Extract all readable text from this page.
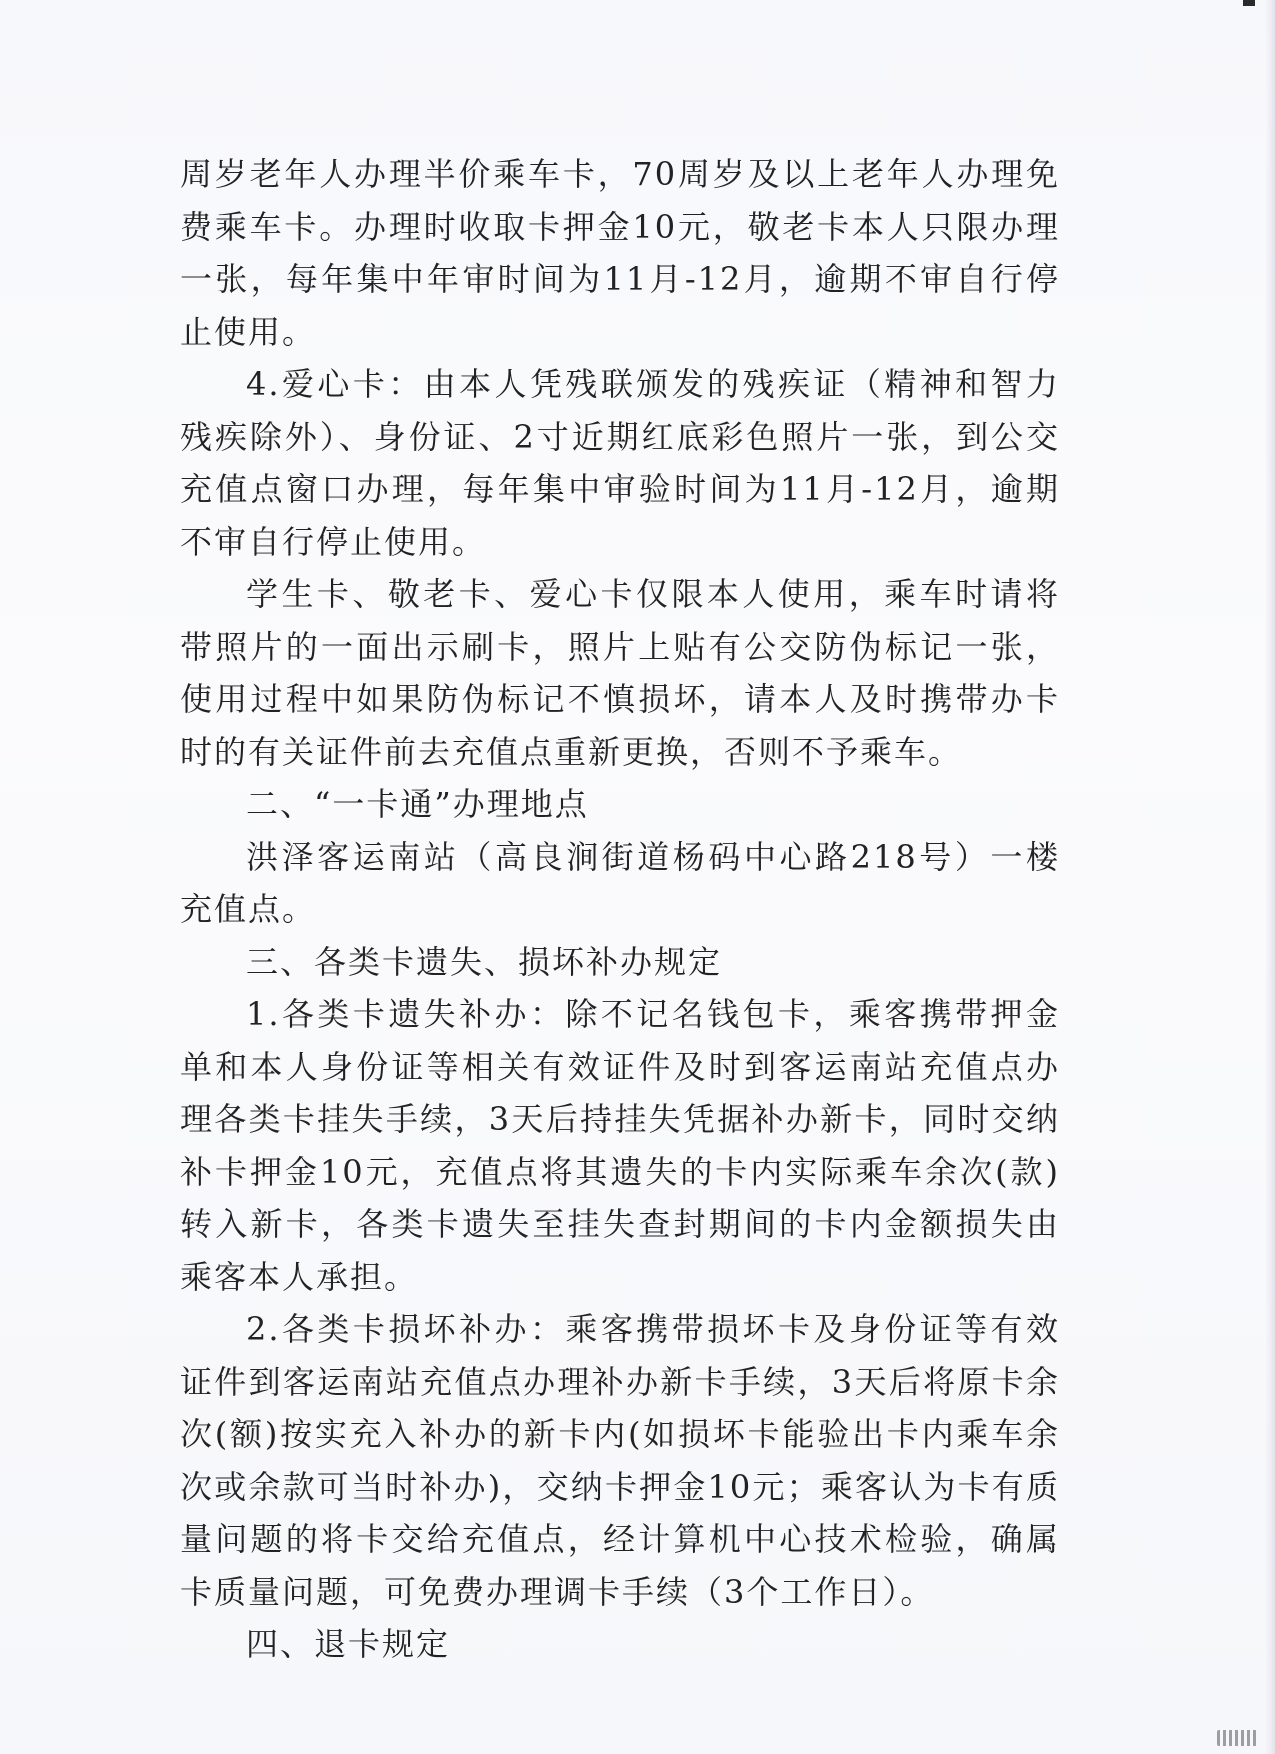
周岁老年人办理半价乘车卡，70周岁及以上老年人办理免费乘车卡。办理时收取卡押金10元，敬老卡本人只限办理一张，每年集中年审时间为11月-12月，逾期不审自行停止使用。

4.爱心卡：由本人凭残联颁发的残疾证（精神和智力残疾除外）、身份证、2寸近期红底彩色照片一张，到公交充值点窗口办理，每年集中审验时间为11月-12月，逾期不审自行停止使用。

学生卡、敬老卡、爱心卡仅限本人使用，乘车时请将带照片的一面出示刷卡，照片上贴有公交防伪标记一张，使用过程中如果防伪标记不慎损坏，请本人及时携带办卡时的有关证件前去充值点重新更换，否则不予乘车。

二、“一卡通”办理地点

洪泽客运南站（高良涧街道杨码中心路218号）一楼充值点。

三、各类卡遗失、损坏补办规定

1.各类卡遗失补办：除不记名钱包卡，乘客携带押金单和本人身份证等相关有效证件及时到客运南站充值点办理各类卡挂失手续，3天后持挂失凭据补办新卡，同时交纳补卡押金10元，充值点将其遗失的卡内实际乘车余次(款)转入新卡，各类卡遗失至挂失查封期间的卡内金额损失由乘客本人承担。

2.各类卡损坏补办：乘客携带损坏卡及身份证等有效证件到客运南站充值点办理补办新卡手续，3天后将原卡余次(额)按实充入补办的新卡内(如损坏卡能验出卡内乘车余次或余款可当时补办)，交纳卡押金10元；乘客认为卡有质量问题的将卡交给充值点，经计算机中心技术检验，确属卡质量问题，可免费办理调卡手续（3个工作日）。

四、退卡规定
